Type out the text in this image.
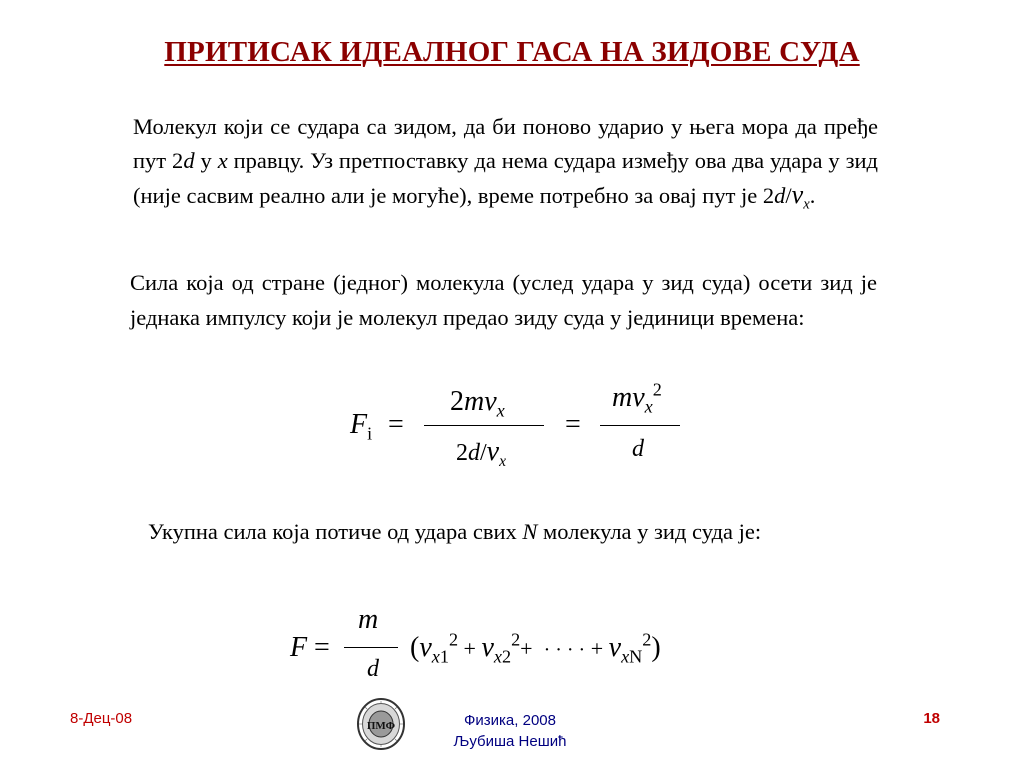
ПРИТИСАК ИДЕАЛНОГ ГАСА НА ЗИДОВЕ СУДА
Молекул који се судара са зидом, да би поново ударио у њега мора да пређе пут 2d у x правцу. Уз претпоставку да нема судара између ова два удара у зид (није сасвим реално али је могуће), време потребно за овај пут је $2d/v_x$.
Сила која од стране (једног) молекула (услед удара у зид суда) осети зид је једнака импулсу који је молекул предао зиду суда у јединици времена:
$F_i$ =
$2mv_x$
$2d/v_x$
=
$mv_x^2$
d
Укупна сила која потиче од удара свих N молекула у зид суда је:
F =
m
d
($v_{x1}^2 + v_{x2}^2+$ · · · · + $v_{xN}^2$)
8-Дец-08	ПМФ	Физика, 2008
Љубиша Нешић
18
